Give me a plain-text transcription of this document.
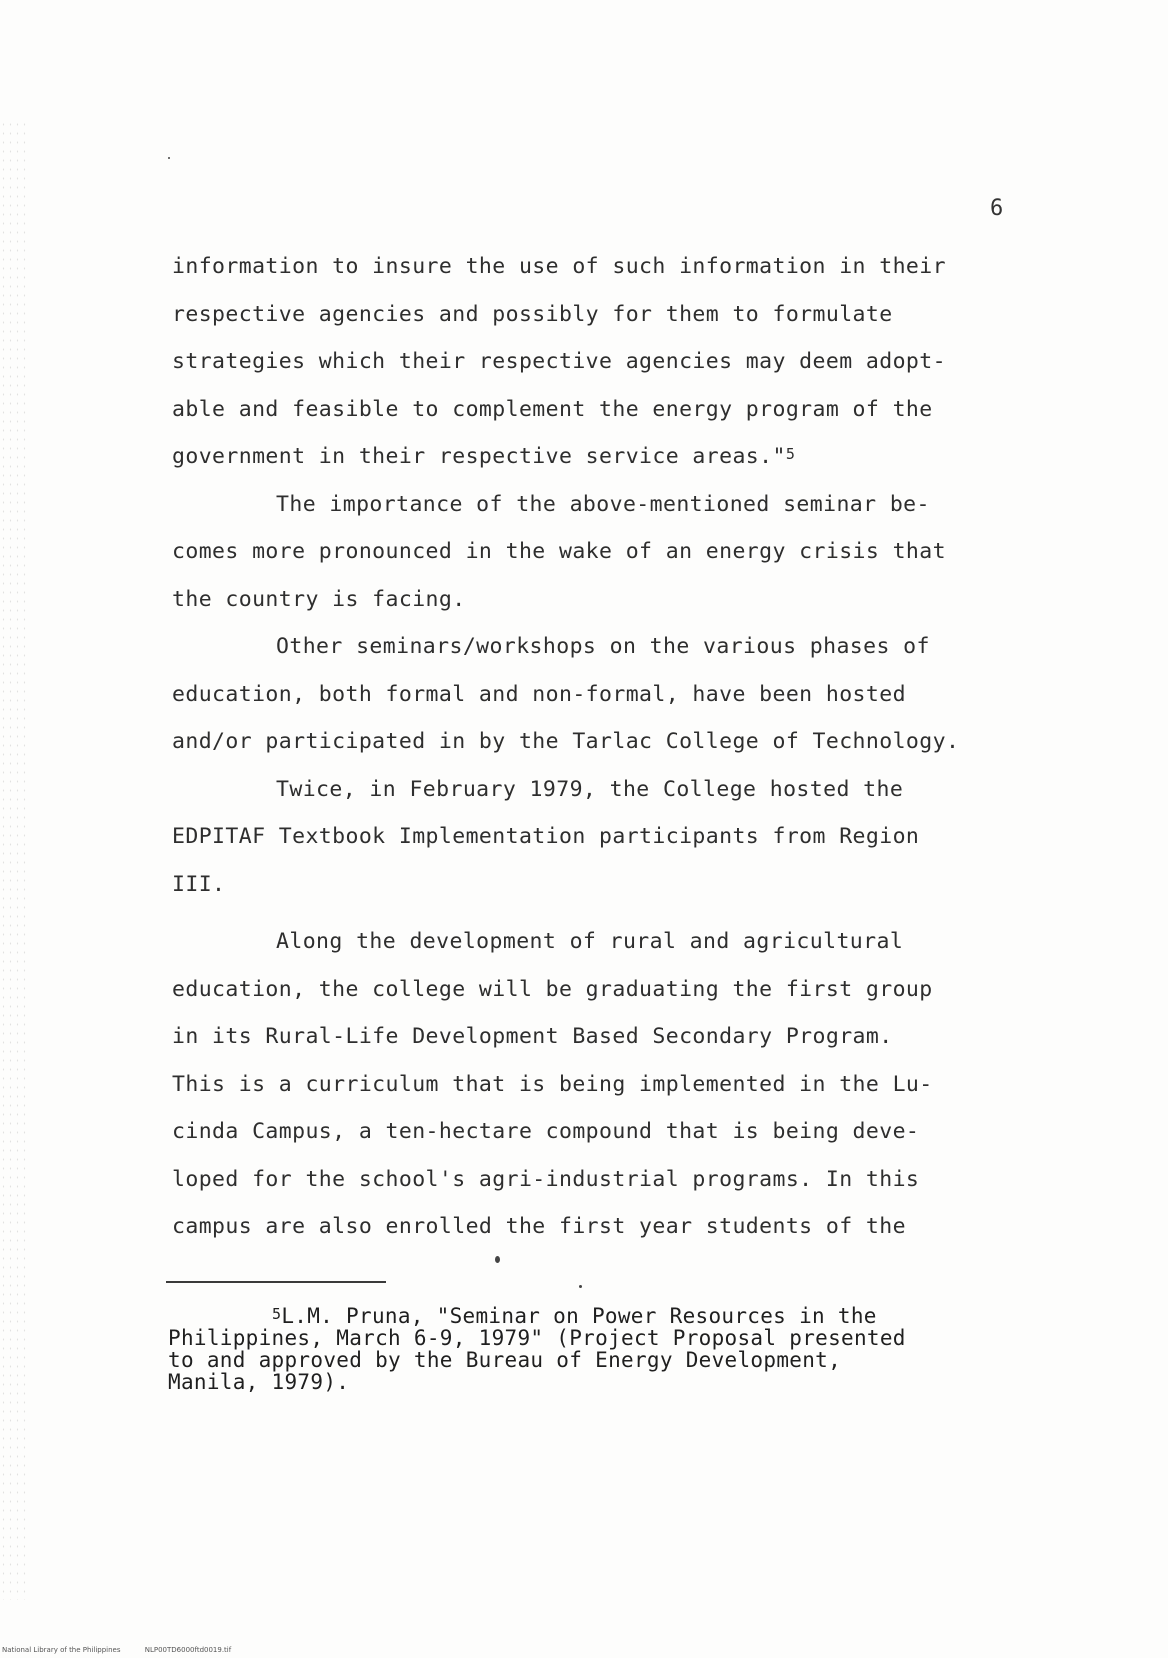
6
information to insure the use of such information in their
respective agencies and possibly for them to formulate
strategies which their respective agencies may deem adopt-
able and feasible to complement the energy program of the
government in their respective service areas."$^5$
The importance of the above-mentioned seminar be-
comes more pronounced in the wake of an energy crisis that
the country is facing.
Other seminars/workshops on the various phases of
education, both formal and non-formal, have been hosted
and/or participated in by the Tarlac College of Technology.
Twice, in February 1979, the College hosted the
EDPITAF Textbook Implementation participants from Region
III.
Along the development of rural and agricultural
education, the college will be graduating the first group
in its Rural-Life Development Based Secondary Program.
This is a curriculum that is being implemented in the Lu-
cinda Campus, a ten-hectare compound that is being deve-
loped for the school's agri-industrial programs. In this
campus are also enrolled the first year students of the
$^5$L.M. Pruna, "Seminar on Power Resources in the
Philippines, March 6-9, 1979" (Project Proposal presented
to and approved by the Bureau of Energy Development,
Manila, 1979).
National Library of the Philippines	NLP00TD6000ftd0019.tif
